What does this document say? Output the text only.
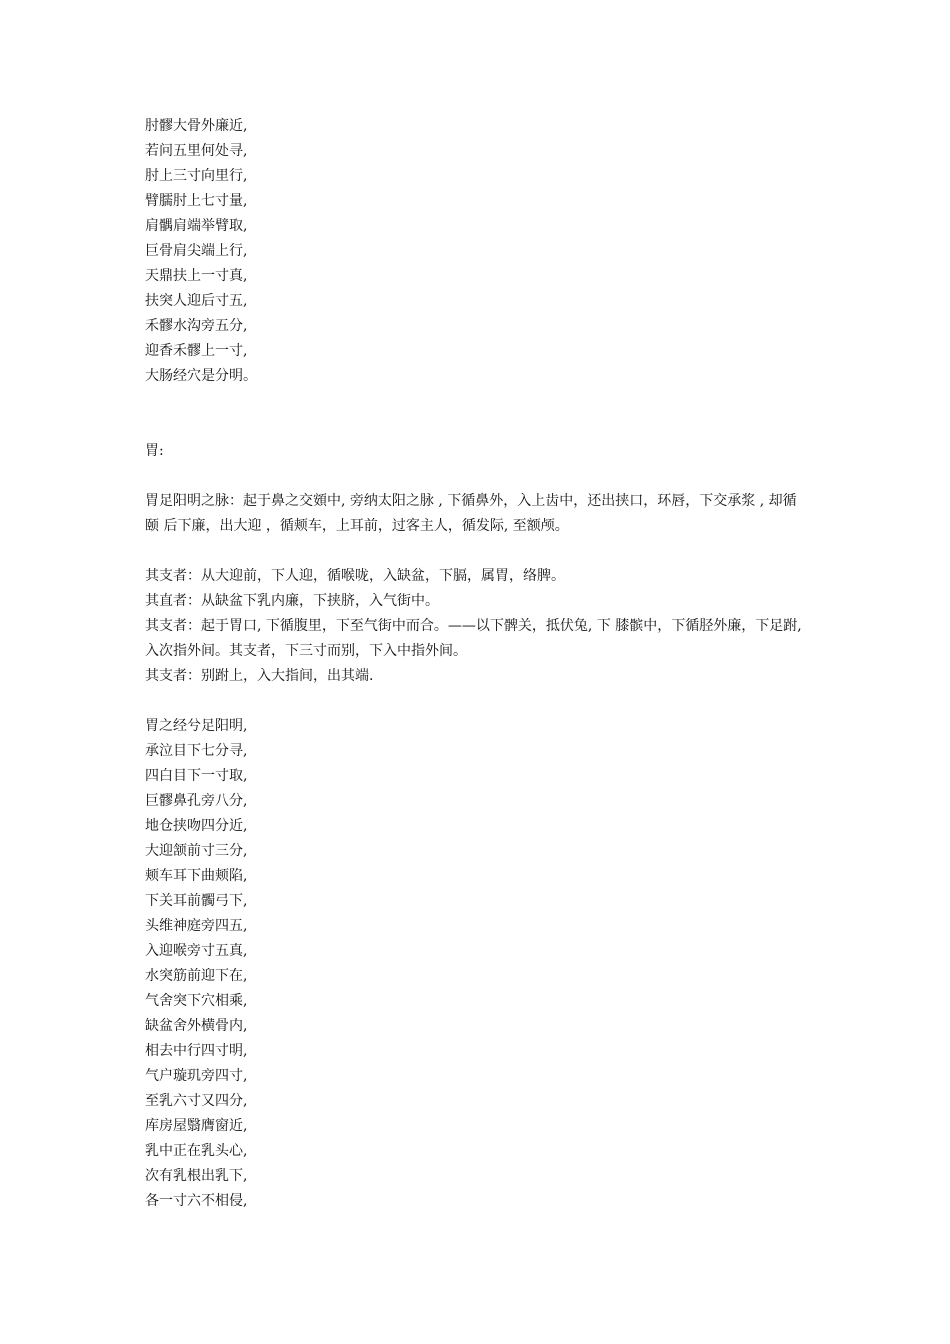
肘髎大骨外廉近,
若问五里何处寻,
肘上三寸向里行,
臂臑肘上七寸量,
肩髃肩端举臂取,
巨骨肩尖端上行,
天鼎扶上一寸真,
扶突人迎后寸五,
禾髎水沟旁五分,
迎香禾髎上一寸,
大肠经穴是分明。
胃:
胃足阳明之脉：起于鼻之交頞中, 旁纳太阳之脉 , 下循鼻外，入上齿中，还出挟口，环唇，下交承浆 , 却循颐 后下廉，出大迎 ，循颊车，上耳前，过客主人，循发际, 至额颅。
其支者：从大迎前，下人迎，循喉咙，入缺盆，下膈，属胃，络脾。
其直者：从缺盆下乳内廉，下挟脐，入气街中。
其支者：起于胃口, 下循腹里，下至气街中而合。——以下髀关，抵伏兔, 下 膝髌中，下循胫外廉，下足跗, 入次指外间。其支者，下三寸而别，下入中指外间。
其支者：别跗上，入大指间，出其端.
胃之经兮足阳明,
承泣目下七分寻,
四白目下一寸取,
巨髎鼻孔旁八分,
地仓挟吻四分近,
大迎颔前寸三分,
颊车耳下曲颊陷,
下关耳前髑弓下,
头维神庭旁四五,
入迎喉旁寸五真,
水突筋前迎下在,
气舍突下穴相乘,
缺盆舍外横骨内,
相去中行四寸明,
气户璇玑旁四寸,
至乳六寸又四分,
库房屋翳膺窗近,
乳中正在乳头心,
次有乳根出乳下,
各一寸六不相侵,
